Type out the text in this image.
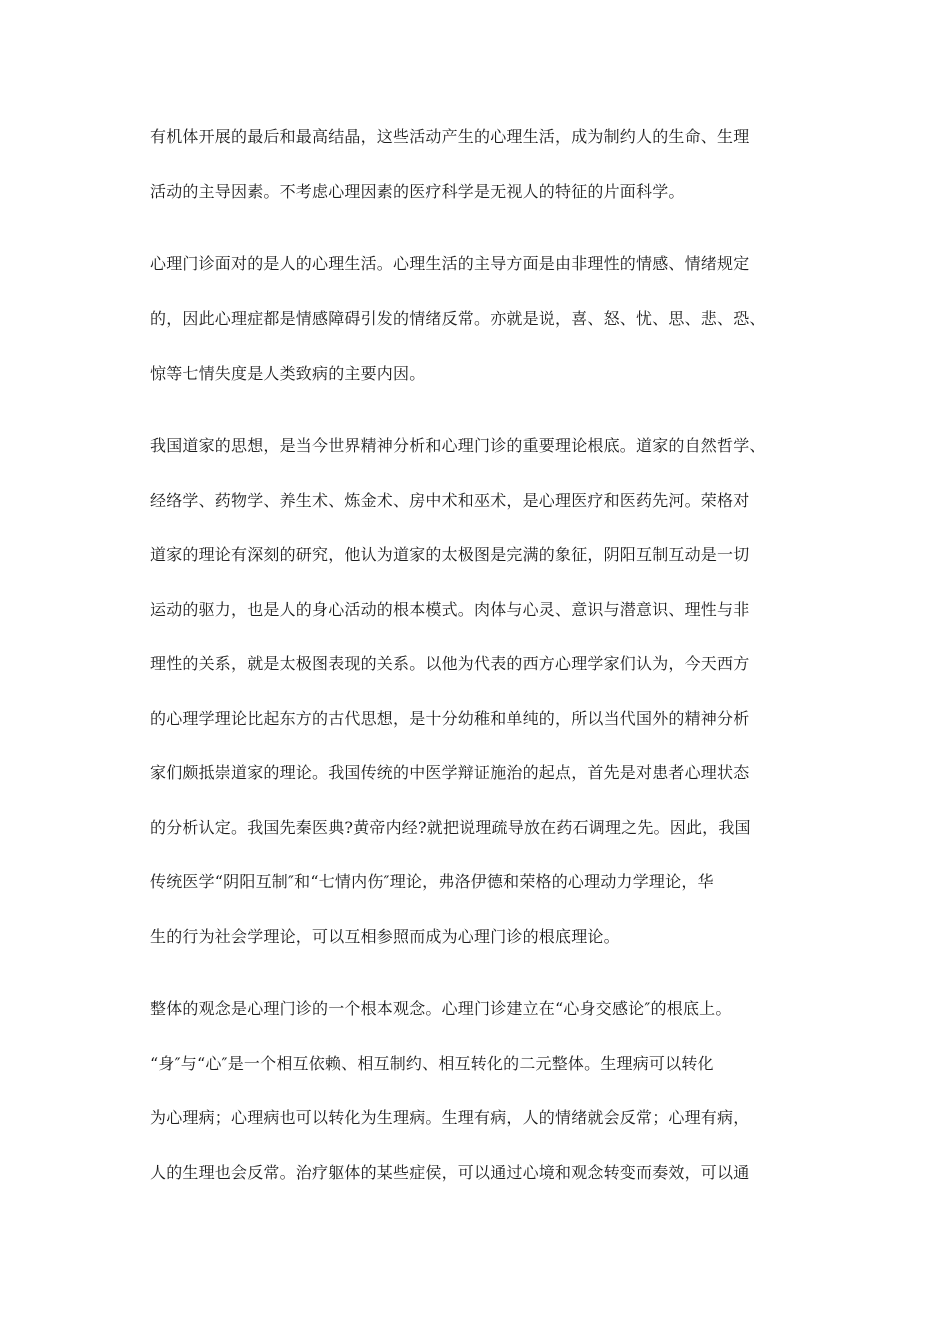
有机体开展的最后和最高结晶，这些活动产生的心理生活，成为制约人的生命、生理
活动的主导因素。不考虑心理因素的医疗科学是无视人的特征的片面科学。
心理门诊面对的是人的心理生活。心理生活的主导方面是由非理性的情感、情绪规定
的，因此心理症都是情感障碍引发的情绪反常。亦就是说，喜、怒、忧、思、悲、恐、
惊等七情失度是人类致病的主要内因。
我国道家的思想，是当今世界精神分析和心理门诊的重要理论根底。道家的自然哲学、
经络学、药物学、养生术、炼金术、房中术和巫术，是心理医疗和医药先河。荣格对
道家的理论有深刻的研究，他认为道家的太极图是完满的象征，阴阳互制互动是一切
运动的驱力，也是人的身心活动的根本模式。肉体与心灵、意识与潜意识、理性与非
理性的关系，就是太极图表现的关系。以他为代表的西方心理学家们认为，今天西方
的心理学理论比起东方的古代思想，是十分幼稚和单纯的，所以当代国外的精神分析
家们颇抵崇道家的理论。我国传统的中医学辩证施治的起点，首先是对患者心理状态
的分析认定。我国先秦医典?黄帝内经?就把说理疏导放在药石调理之先。因此，我国
传统医学“阴阳互制″和“七情内伤″理论，弗洛伊德和荣格的心理动力学理论，华
生的行为社会学理论，可以互相参照而成为心理门诊的根底理论。
整体的观念是心理门诊的一个根本观念。心理门诊建立在“心身交感论″的根底上。
“身″与“心″是一个相互依赖、相互制约、相互转化的二元整体。生理病可以转化
为心理病；心理病也可以转化为生理病。生理有病，人的情绪就会反常；心理有病，
人的生理也会反常。治疗躯体的某些症侯，可以通过心境和观念转变而奏效，可以通
